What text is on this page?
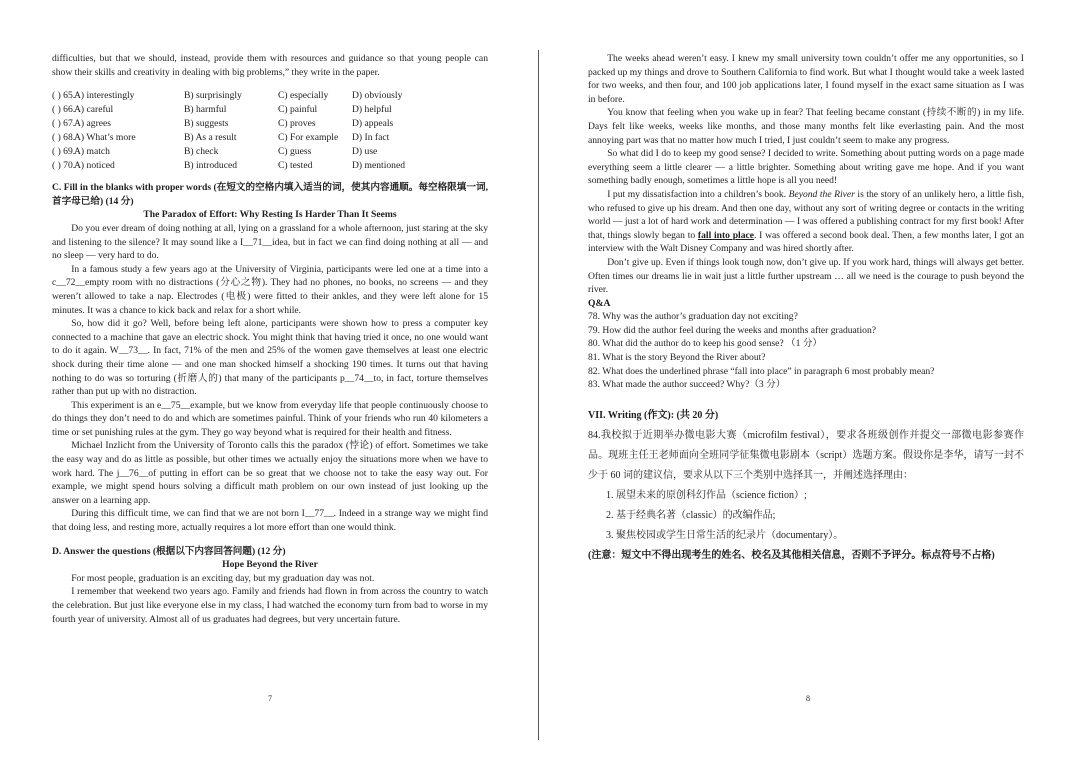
difficulties, but that we should, instead, provide them with resources and guidance so that young people can show their skills and creativity in dealing with big problems,” they write in the paper.

( ) 65.
A) interestingly	B) surprisingly	C) especially	D) obviously
( ) 66.
A) careful	B) harmful	C) painful	D) helpful
( ) 67.
A) agrees	B) suggests	C) proves	D) appeals
( ) 68.
A) What’s more	B) As a result	C) For example	D) In fact
( ) 69.
A) match	B) check	C) guess	D) use
( ) 70.
A) noticed	B) introduced	C) tested	D) mentioned

C. Fill in the blanks with proper words (在短文的空格内填入适当的词，使其内容通顺。每空格限填一词,首字母已给) (14 分)

The Paradox of Effort: Why Resting Is Harder Than It Seems

Do you ever dream of doing nothing at all, lying on a grassland for a whole afternoon, just staring at the sky and listening to the silence? It may sound like a I__71__idea, but in fact we can find doing nothing at all — and no sleep — very hard to do.

In a famous study a few years ago at the University of Virginia, participants were led one at a time into a c__72__empty room with no distractions (分心之物). They had no phones, no books, no screens — and they weren’t allowed to take a nap. Electrodes (电极) were fitted to their ankles, and they were left alone for 15 minutes. It was a chance to kick back and relax for a short while.

So, how did it go? Well, before being left alone, participants were shown how to press a computer key connected to a machine that gave an electric shock. You might think that having tried it once, no one would want to do it again. W__73__. In fact, 71% of the men and 25% of the women gave themselves at least one electric shock during their time alone — and one man shocked himself a shocking 190 times. It turns out that having nothing to do was so torturing (折磨人的) that many of the participants p__74__to, in fact, torture themselves rather than put up with no distraction.

This experiment is an e__75__example, but we know from everyday life that people continuously choose to do things they don’t need to do and which are sometimes painful. Think of your friends who run 40 kilometers a time or set punishing rules at the gym. They go way beyond what is required for their health and fitness.

Michael Inzlicht from the University of Toronto calls this the paradox (悖论) of effort. Sometimes we take the easy way and do as little as possible, but other times we actually enjoy the situations more when we have to work hard. The j__76__of putting in effort can be so great that we choose not to take the easy way out. For example, we might spend hours solving a difficult math problem on our own instead of just looking up the answer on a learning app.

During this difficult time, we can find that we are not born I__77__. Indeed in a strange way we might find that doing less, and resting more, actually requires a lot more effort than one would think.

D. Answer the questions (根据以下内容回答问题) (12 分)

Hope Beyond the River

For most people, graduation is an exciting day, but my graduation day was not.

I remember that weekend two years ago. Family and friends had flown in from across the country to watch the celebration. But just like everyone else in my class, I had watched the economy turn from bad to worse in my fourth year of university. Almost all of us graduates had degrees, but very uncertain future.

7

The weeks ahead weren’t easy. I knew my small university town couldn’t offer me any opportunities, so I packed up my things and drove to Southern California to find work. But what I thought would take a week lasted for two weeks, and then four, and 100 job applications later, I found myself in the exact same situation as I was in before.

You know that feeling when you wake up in fear? That feeling became constant (持续不断的) in my life. Days felt like weeks, weeks like months, and those many months felt like everlasting pain. And the most annoying part was that no matter how much I tried, I just couldn’t seem to make any progress.

So what did I do to keep my good sense? I decided to write. Something about putting words on a page made everything seem a little clearer — a little brighter. Something about writing gave me hope. And if you want something badly enough, sometimes a little hope is all you need!

I put my dissatisfaction into a children’s book. Beyond the River is the story of an unlikely hero, a little fish, who refused to give up his dream. And then one day, without any sort of writing degree or contacts in the writing world — just a lot of hard work and determination — I was offered a publishing contract for my first book! After that, things slowly began to fall into place. I was offered a second book deal. Then, a few months later, I got an interview with the Walt Disney Company and was hired shortly after.

Don’t give up. Even if things look tough now, don’t give up. If you work hard, things will always get better. Often times our dreams lie in wait just a little further upstream … all we need is the courage to push beyond the river.

Q&A

78. Why was the author’s graduation day not exciting?

79. How did the author feel during the weeks and months after graduation?

80. What did the author do to keep his good sense? （1 分）

81. What is the story Beyond the River about?

82. What does the underlined phrase “fall into place” in paragraph 6 most probably mean?

83. What made the author succeed? Why?（3 分）

VII. Writing (作文): (共 20 分)

84.我校拟于近期举办微电影大赛（microfilm festival），要求各班级创作并提交一部微电影参赛作品。现班主任王老师面向全班同学征集微电影剧本（script）选题方案。假设你是李华，请写一封不少于 60 词的建议信，要求从以下三个类别中选择其一，并阐述选择理由：

1. 展望未来的原创科幻作品（science fiction）;

2. 基于经典名著（classic）的改编作品;

3. 聚焦校园或学生日常生活的纪录片（documentary）。

(注意：短文中不得出现考生的姓名、校名及其他相关信息，否则不予评分。标点符号不占格)

8
